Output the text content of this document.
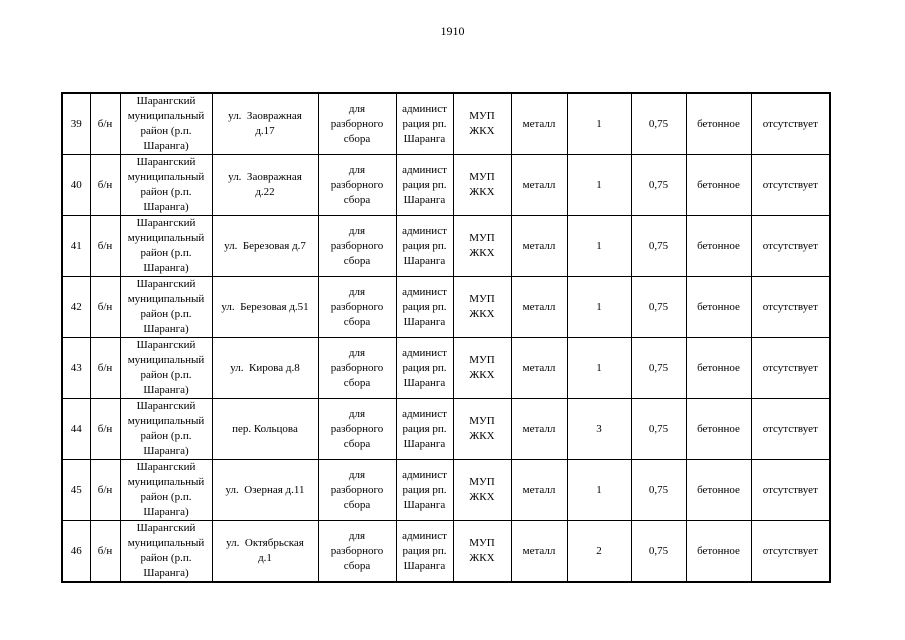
1910
39	б/н	Шарангский
муниципальный
район (р.п.
Шаранга)	ул.  Заовражная
д.17	для
разборного
сбора	админист
рация рп.
Шаранга	МУП
ЖКХ	металл	1	0,75	бетонное	отсутствует
40	б/н	Шарангский
муниципальный
район (р.п.
Шаранга)	ул.  Заовражная
д.22	для
разборного
сбора	админист
рация рп.
Шаранга	МУП
ЖКХ	металл	1	0,75	бетонное	отсутствует
41	б/н	Шарангский
муниципальный
район (р.п.
Шаранга)	ул.  Березовая д.7	для
разборного
сбора	админист
рация рп.
Шаранга	МУП
ЖКХ	металл	1	0,75	бетонное	отсутствует
42	б/н	Шарангский
муниципальный
район (р.п.
Шаранга)	ул.  Березовая д.51	для
разборного
сбора	админист
рация рп.
Шаранга	МУП
ЖКХ	металл	1	0,75	бетонное	отсутствует
43	б/н	Шарангский
муниципальный
район (р.п.
Шаранга)	ул.  Кирова д.8	для
разборного
сбора	админист
рация рп.
Шаранга	МУП
ЖКХ	металл	1	0,75	бетонное	отсутствует
44	б/н	Шарангский
муниципальный
район (р.п.
Шаранга)	пер. Кольцова	для
разборного
сбора	админист
рация рп.
Шаранга	МУП
ЖКХ	металл	3	0,75	бетонное	отсутствует
45	б/н	Шарангский
муниципальный
район (р.п.
Шаранга)	ул.  Озерная д.11	для
разборного
сбора	админист
рация рп.
Шаранга	МУП
ЖКХ	металл	1	0,75	бетонное	отсутствует
46	б/н	Шарангский
муниципальный
район (р.п.
Шаранга)	ул.  Октябрьская
д.1	для
разборного
сбора	админист
рация рп.
Шаранга	МУП
ЖКХ	металл	2	0,75	бетонное	отсутствует
